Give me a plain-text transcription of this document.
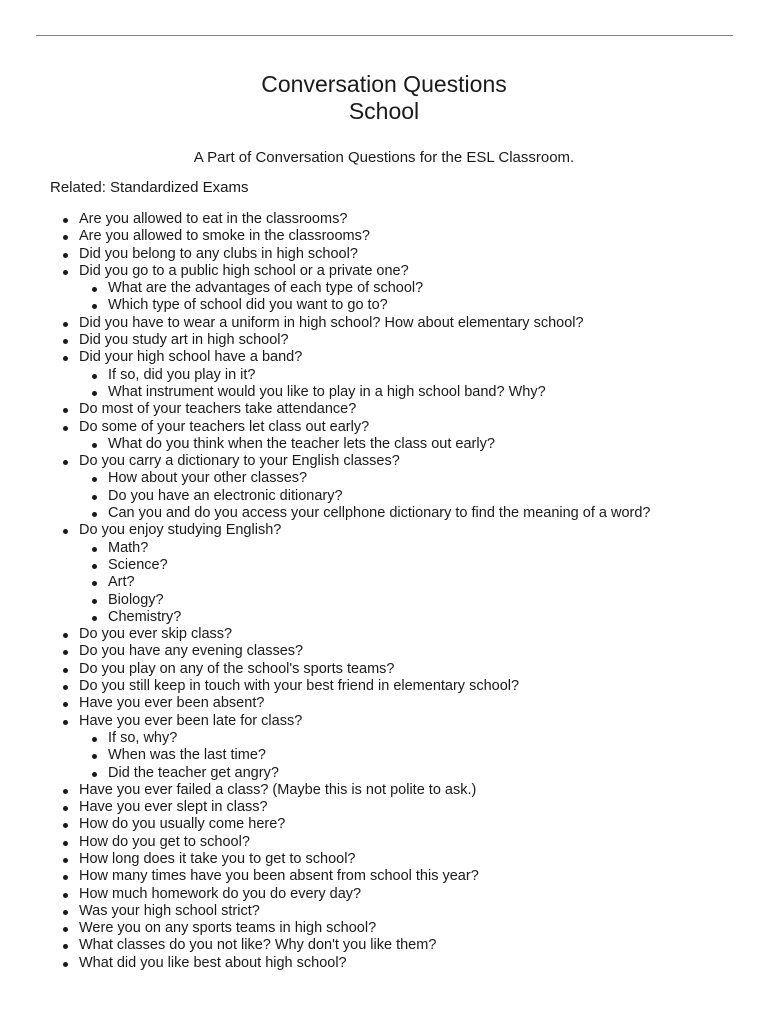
Conversation Questions
School
A Part of Conversation Questions for the ESL Classroom.
Related: Standardized Exams
Are you allowed to eat in the classrooms?
Are you allowed to smoke in the classrooms?
Did you belong to any clubs in high school?
Did you go to a public high school or a private one?
What are the advantages of each type of school?
Which type of school did you want to go to?
Did you have to wear a uniform in high school? How about elementary school?
Did you study art in high school?
Did your high school have a band?
If so, did you play in it?
What instrument would you like to play in a high school band? Why?
Do most of your teachers take attendance?
Do some of your teachers let class out early?
What do you think when the teacher lets the class out early?
Do you carry a dictionary to your English classes?
How about your other classes?
Do you have an electronic ditionary?
Can you and do you access your cellphone dictionary to find the meaning of a word?
Do you enjoy studying English?
Math?
Science?
Art?
Biology?
Chemistry?
Do you ever skip class?
Do you have any evening classes?
Do you play on any of the school's sports teams?
Do you still keep in touch with your best friend in elementary school?
Have you ever been absent?
Have you ever been late for class?
If so, why?
When was the last time?
Did the teacher get angry?
Have you ever failed a class? (Maybe this is not polite to ask.)
Have you ever slept in class?
How do you usually come here?
How do you get to school?
How long does it take you to get to school?
How many times have you been absent from school this year?
How much homework do you do every day?
Was your high school strict?
Were you on any sports teams in high school?
What classes do you not like? Why don't you like them?
What did you like best about high school?
